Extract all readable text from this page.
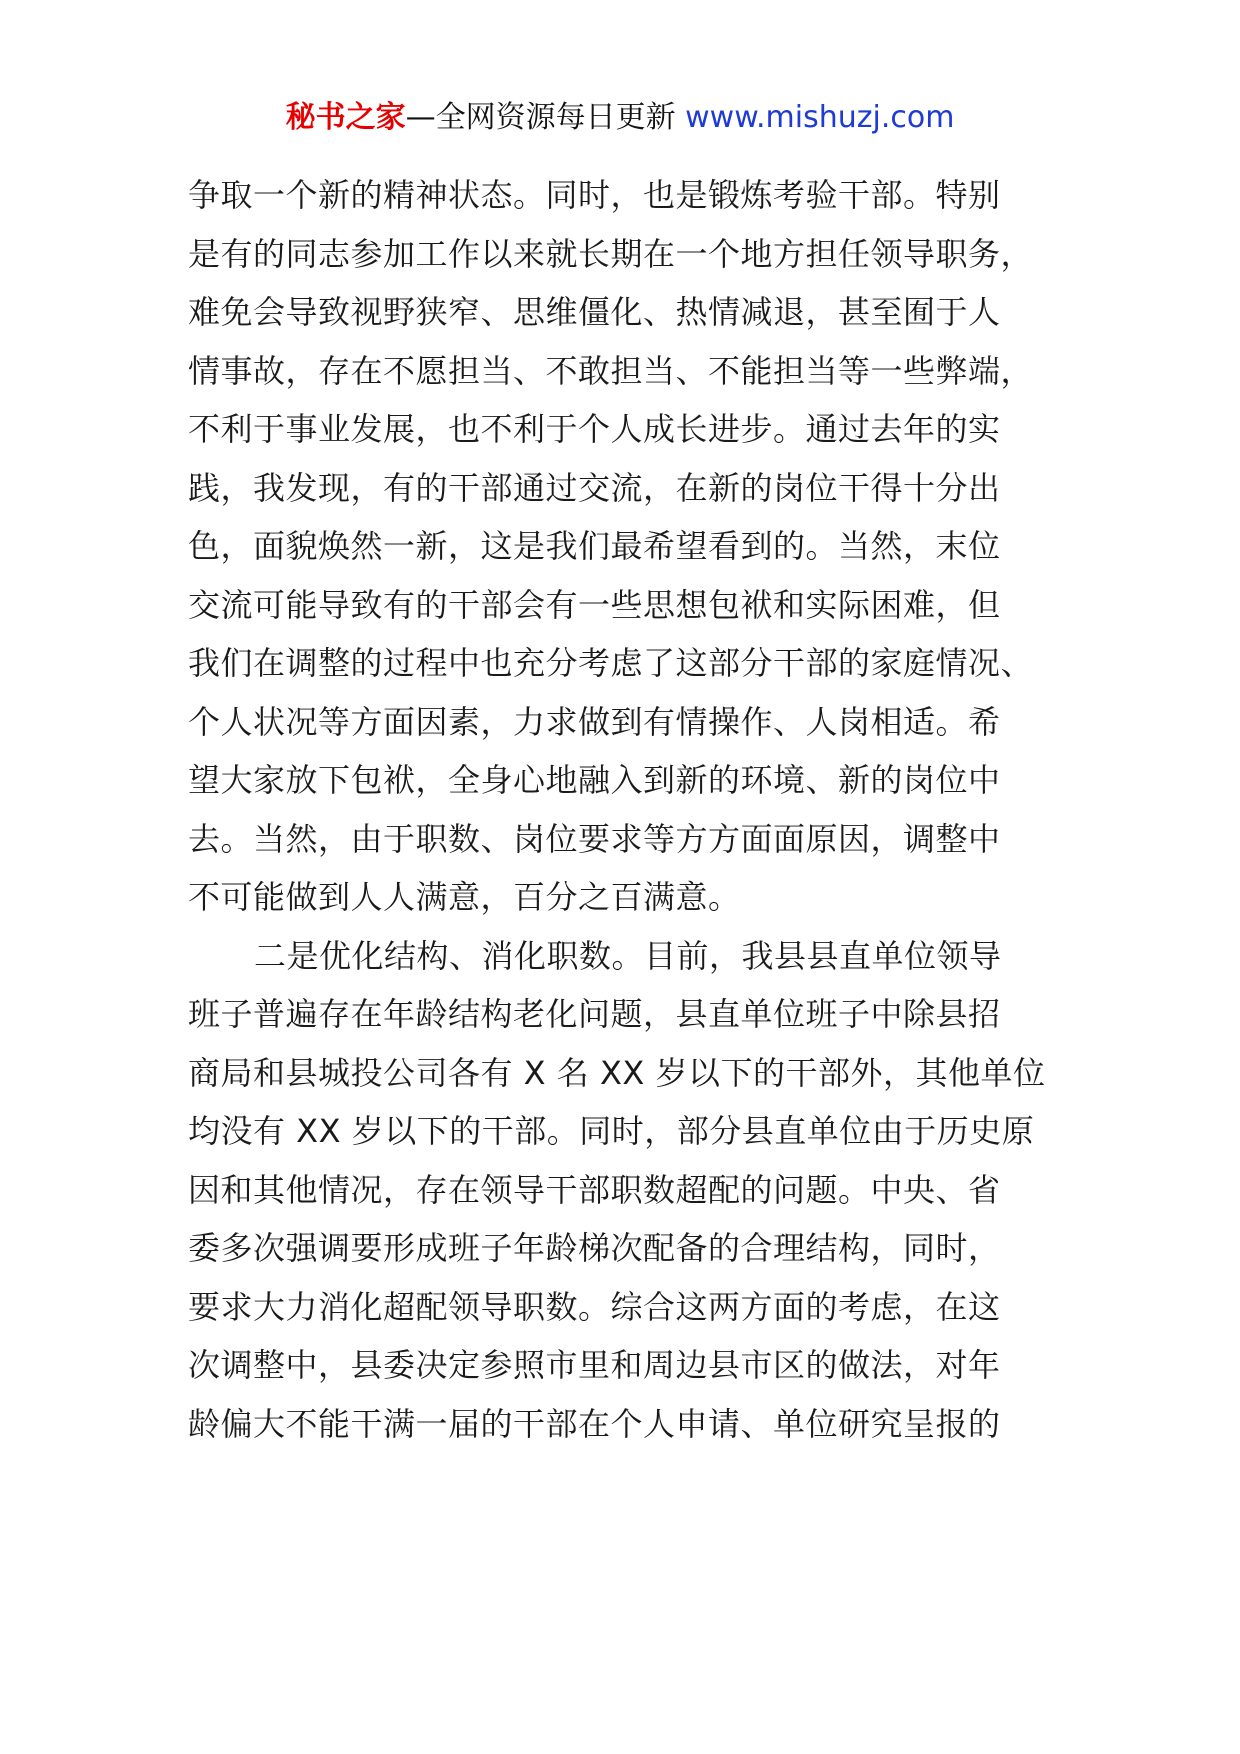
秘书之家—全网资源每日更新 www.mishuzj.com
争取一个新的精神状态。同时，也是锻炼考验干部。特别
是有的同志参加工作以来就长期在一个地方担任领导职务，
难免会导致视野狭窄、思维僵化、热情减退，甚至囿于人
情事故，存在不愿担当、不敢担当、不能担当等一些弊端，
不利于事业发展，也不利于个人成长进步。通过去年的实
践，我发现，有的干部通过交流，在新的岗位干得十分出
色，面貌焕然一新，这是我们最希望看到的。当然，末位
交流可能导致有的干部会有一些思想包袱和实际困难，但
我们在调整的过程中也充分考虑了这部分干部的家庭情况、
个人状况等方面因素，力求做到有情操作、人岗相适。希
望大家放下包袱，全身心地融入到新的环境、新的岗位中
去。当然，由于职数、岗位要求等方方面面原因，调整中
不可能做到人人满意，百分之百满意。
二是优化结构、消化职数。目前，我县县直单位领导
班子普遍存在年龄结构老化问题，县直单位班子中除县招
商局和县城投公司各有 X 名 XX 岁以下的干部外，其他单位
均没有 XX 岁以下的干部。同时，部分县直单位由于历史原
因和其他情况，存在领导干部职数超配的问题。中央、省
委多次强调要形成班子年龄梯次配备的合理结构，同时，
要求大力消化超配领导职数。综合这两方面的考虑，在这
次调整中，县委决定参照市里和周边县市区的做法，对年
龄偏大不能干满一届的干部在个人申请、单位研究呈报的
